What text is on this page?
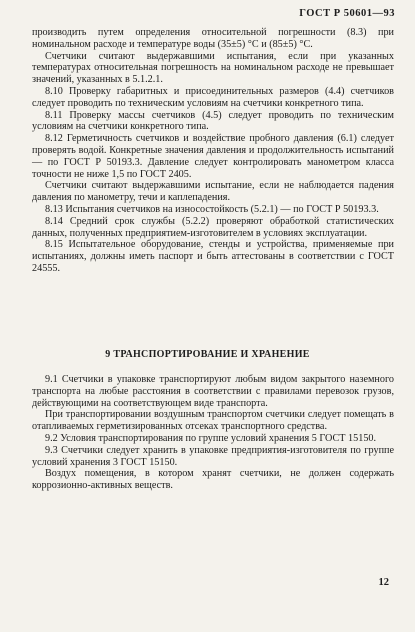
ГОСТ Р 50601—93

производить путем определения относительной погрешности (8.3) при номинальном расходе и температуре воды (35±5) °С и (85±5) °С.

Счетчики считают выдержавшими испытания, если при указанных температурах относительная погрешность на номинальном расходе не превышает значений, указанных в 5.1.2.1.

8.10 Проверку габаритных и присоединительных размеров (4.4) счетчиков следует проводить по техническим условиям на счетчики конкретного типа.

8.11 Проверку массы счетчиков (4.5) следует проводить по техническим условиям на счетчики конкретного типа.

8.12 Герметичность счетчиков и воздействие пробного давления (6.1) следует проверять водой. Конкретные значения давления и продолжительность испытаний — по ГОСТ Р 50193.3. Давление следует контролировать манометром класса точности не ниже 1,5 по ГОСТ 2405.

Счетчики считают выдержавшими испытание, если не наблюдается падения давления по манометру, течи и каплепадения.

8.13 Испытания счетчиков на износостойкость (5.2.1) — по ГОСТ Р 50193.3.

8.14 Средний срок службы (5.2.2) проверяют обработкой статистических данных, полученных предприятием-изготовителем в условиях эксплуатации.

8.15 Испытательное оборудование, стенды и устройства, применяемые при испытаниях, должны иметь паспорт и быть аттестованы в соответствии с ГОСТ 24555.

9 ТРАНСПОРТИРОВАНИЕ И ХРАНЕНИЕ

9.1 Счетчики в упаковке транспортируют любым видом закрытого наземного транспорта на любые расстояния в соответствии с правилами перевозок грузов, действующими на соответствующем виде транспорта.

При транспортировании воздушным транспортом счетчики следует помещать в отапливаемых герметизированных отсеках транспортного средства.

9.2 Условия транспортирования по группе условий хранения 5 ГОСТ 15150.

9.3 Счетчики следует хранить в упаковке предприятия-изготовителя по группе условий хранения 3 ГОСТ 15150.

Воздух помещения, в котором хранят счетчики, не должен содержать коррозионно-активных веществ.

12
